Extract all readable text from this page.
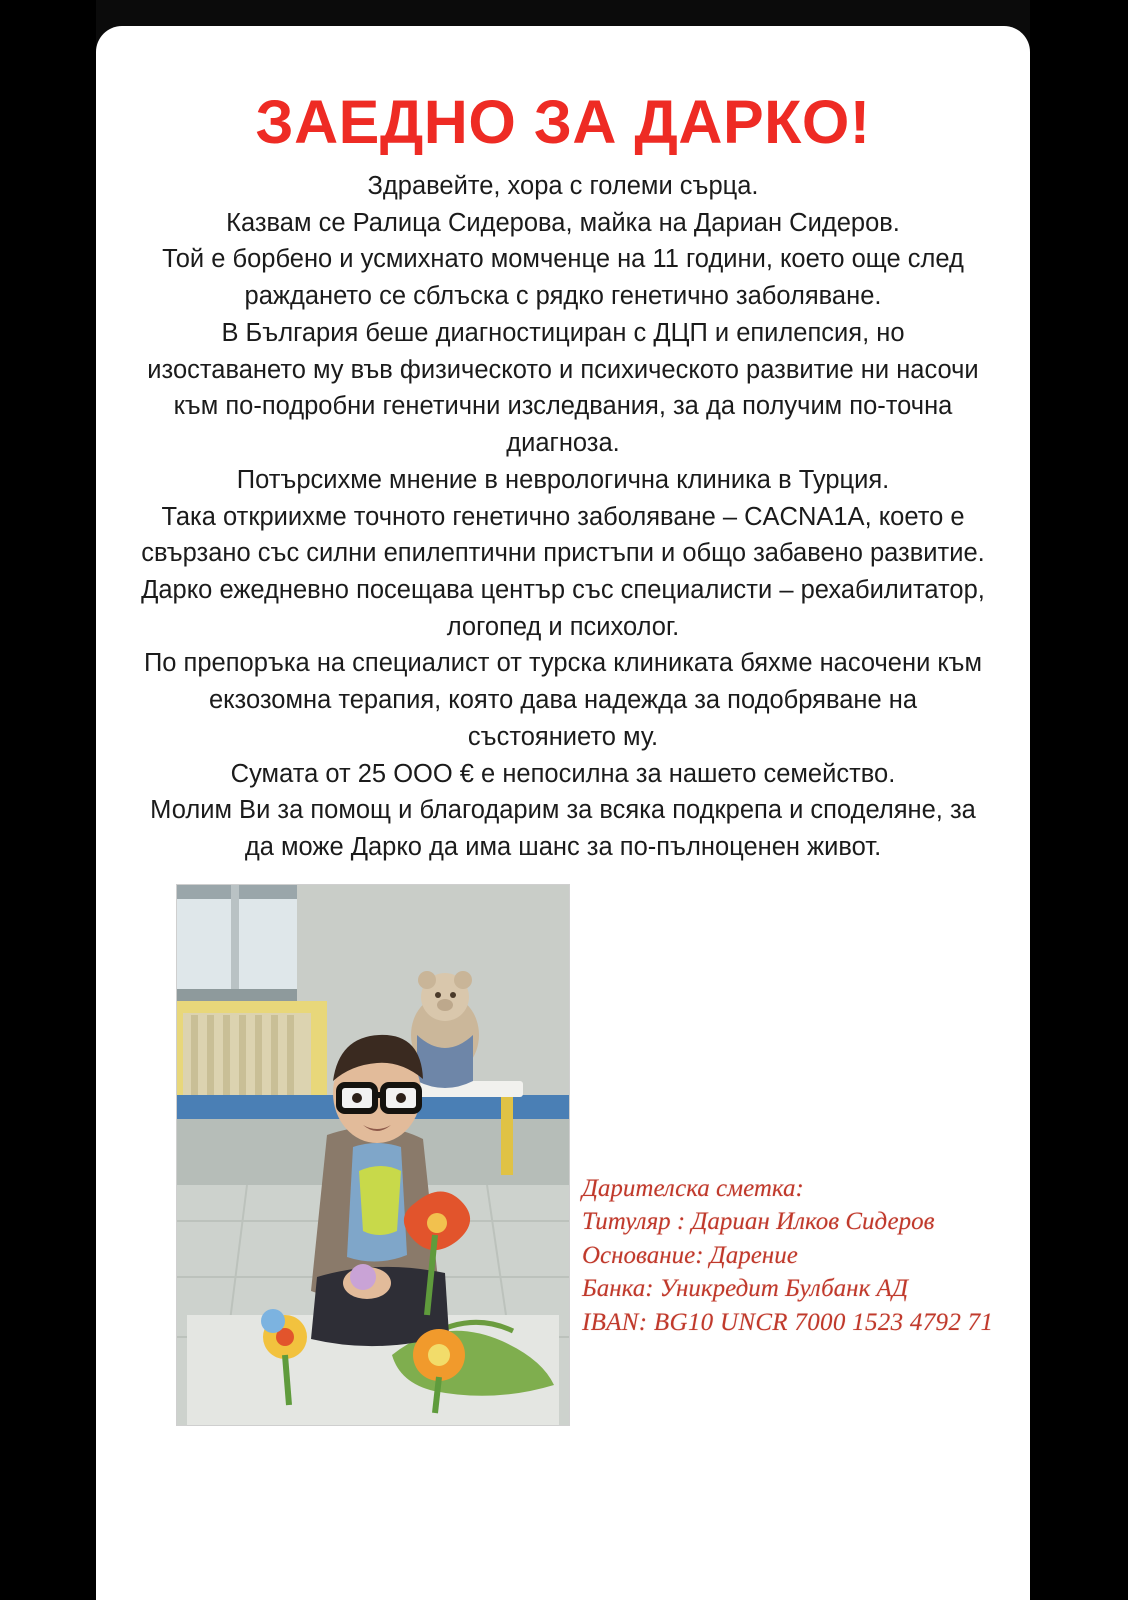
ЗАЕДНО ЗА ДАРКО!

Здравейте, хора с големи сърца.

Казвам се Ралица Сидерова, майка на Дариан Сидеров.

Той е борбено и усмихнато момченце на 11 години, което още след раждането се сблъска с рядко генетично заболяване.

В България беше диагностициран с ДЦП и епилепсия, но изоставането му във физическото и психическото развитие ни насочи към по-подробни генетични изследвания, за да получим по-точна диагноза.

Потърсихме мнение в неврологична клиника в Турция.

Така откриихме точното генетично заболяване – CACNA1A, което е свързано със силни епилептични пристъпи и общо забавено развитие.

Дарко ежедневно посещава център със специалисти – рехабилитатор, логопед и психолог.

По препоръка на специалист от турска клиниката бяхме насочени към екзозомна терапия, която дава надежда за подобряване на състоянието му.

Сумата от 25 ООО € е непосилна за нашето семейство.

Молим Ви за помощ и благодарим за всяка подкрепа и споделяне, за да може Дарко да има шанс за по-пълноценен живот.

Дарителска сметка:
Титуляр : Дариан Илков Сидеров
Основание: Дарение
Банка: Уникредит Булбанк АД
IBAN: BG10 UNCR 7000 1523 4792 71
